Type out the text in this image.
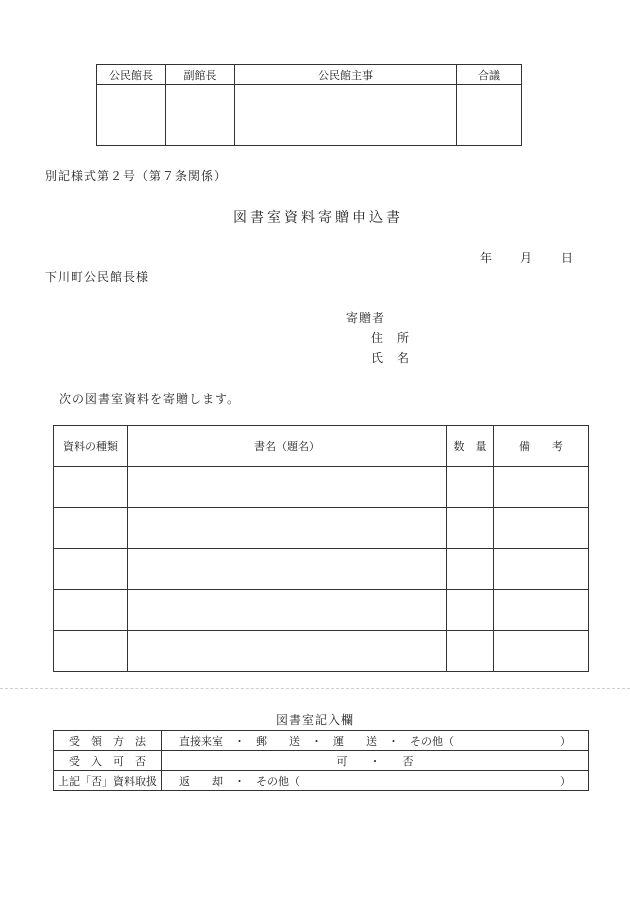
公民館長	副館長	公民館主事	合議

別記様式第２号（第７条関係）
図書室資料寄贈申込書
年 月 日
下川町公民館長様
寄贈者
住　所
氏　名
次の図書室資料を寄贈します。
資料の種類	書名（題名）	数　量	備　　考

図書室記入欄
受　領　方　法	直接来室　・　郵　　送　・　運　　送　・　その他（ ）

受　入　可　否	可　　・　　否
上記「否」資料取扱	返　　却　・　その他（ ）
